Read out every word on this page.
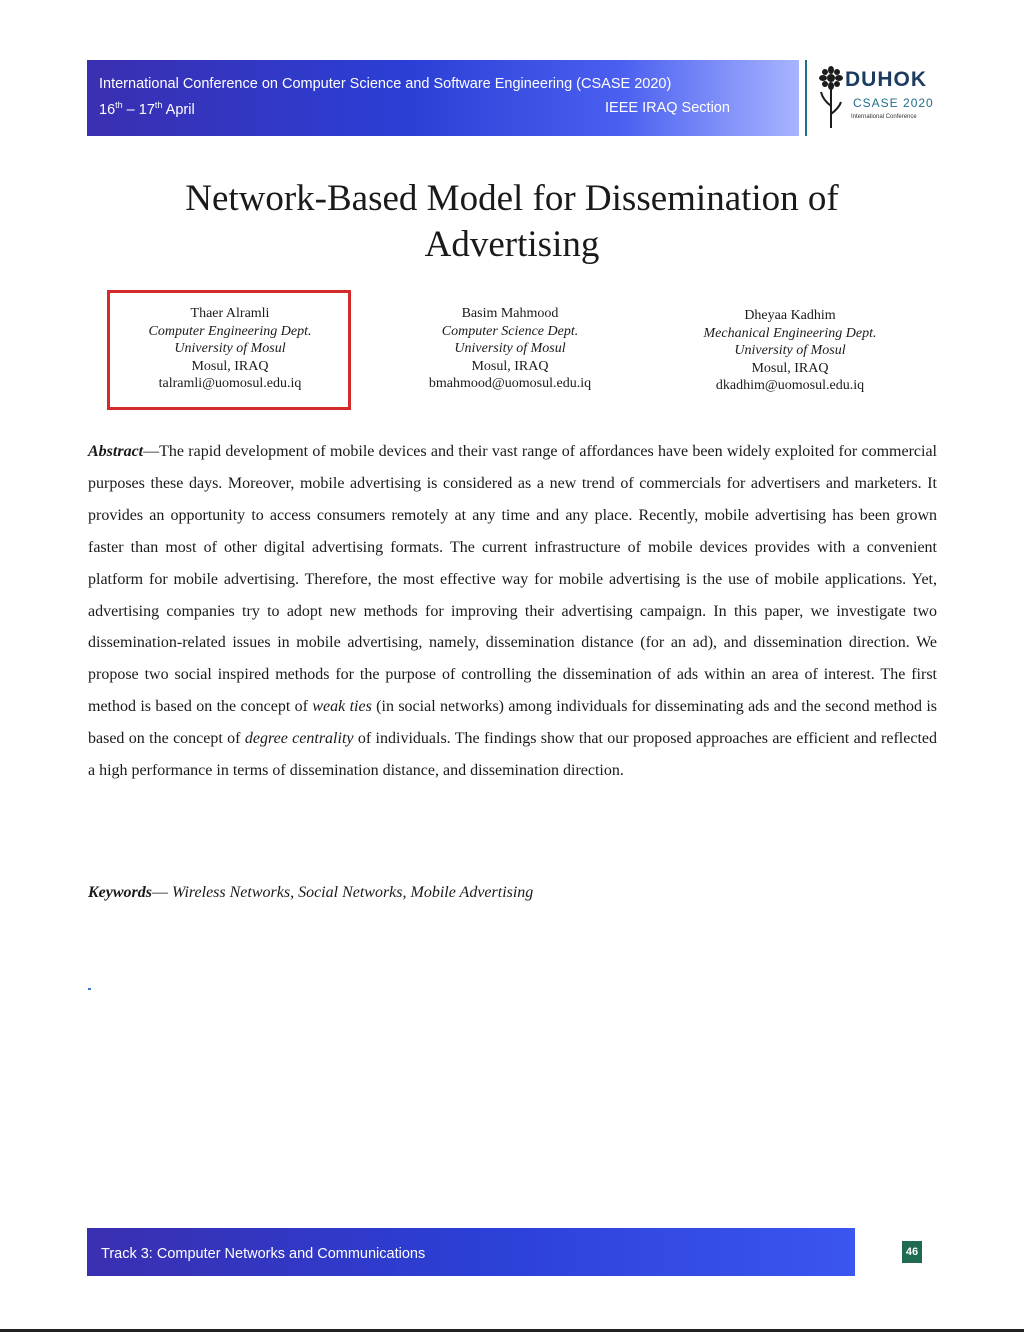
International Conference on Computer Science and Software Engineering (CSASE 2020)
16th – 17th April	IEEE IRAQ Section
DUHOK
CSASE 2020
International Conference
Network-Based Model for Dissemination of Advertising
Thaer Alramli
Computer Engineering Dept.
University of Mosul
Mosul, IRAQ
talramli@uomosul.edu.iq
Basim Mahmood
Computer Science Dept.
University of Mosul
Mosul, IRAQ
bmahmood@uomosul.edu.iq
Dheyaa Kadhim
Mechanical Engineering Dept.
University of Mosul
Mosul, IRAQ
dkadhim@uomosul.edu.iq

Abstract—The rapid development of mobile devices and their vast range of affordances have been widely exploited for commercial purposes these days. Moreover, mobile advertising is considered as a new trend of commercials for advertisers and marketers. It provides an opportunity to access consumers remotely at any time and any place. Recently, mobile advertising has been grown faster than most of other digital advertising formats. The current infrastructure of mobile devices provides with a convenient platform for mobile advertising. Therefore, the most effective way for mobile advertising is the use of mobile applications. Yet, advertising companies try to adopt new methods for improving their advertising campaign. In this paper, we investigate two dissemination-related issues in mobile advertising, namely, dissemination distance (for an ad), and dissemination direction. We propose two social inspired methods for the purpose of controlling the dissemination of ads within an area of interest. The first method is based on the concept of weak ties (in social networks) among individuals for disseminating ads and the second method is based on the concept of degree centrality of individuals. The findings show that our proposed approaches are efficient and reflected a high performance in terms of dissemination distance, and dissemination direction.

Keywords— Wireless Networks, Social Networks, Mobile Advertising
Track 3: Computer Networks and Communications	46
